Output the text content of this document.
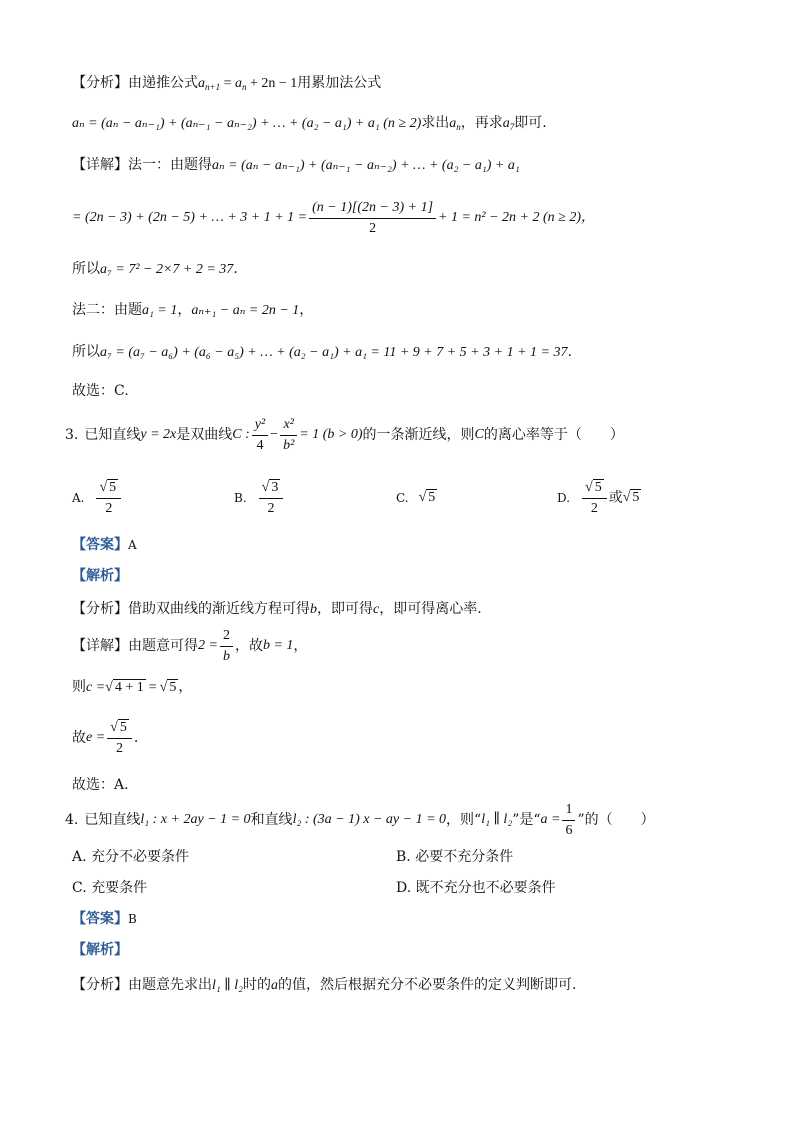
【分析】由递推公式$a_{n+1} = a_n + 2n - 1$用累加法公式
aₙ = (aₙ − aₙ₋₁) + (aₙ₋₁ − aₙ₋₂) + … + (a₂ − a₁) + a₁ (n ≥ 2)求出$a_n$，再求$a_7$即可.
【详解】法一：由题得aₙ = (aₙ − aₙ₋₁) + (aₙ₋₁ − aₙ₋₂) + … + (a₂ − a₁) + a₁
= (2n − 3) + (2n − 5) + … + $3 + 1 + 1 = \frac{(n - 1)[(2n - 3) + 1]}{2} + 1 = n^2 - 2n + 2$ (n ≥ 2)，
所以a₇ = 7² − 2×7 + 2 = 37.
法二：由题a₁ = 1，aₙ₊₁ − aₙ = 2n − 1，
所以a₇ = (a₇ − a₆) + (a₆ − a₅) + … + (a₂ − a₁) + a₁ = 11 + 9 + 7 + 5 + 3 + 1 + 1 = 37.
故选：C.
3. 已知直线 y = 2x 是双曲线 C : $\frac{\text{y²}}{4} - \frac{\text{x²}}{\text{b²}} = 1$ (b > 0) 的一条渐近线，则 C 的离心率等于（　　）
A. $\frac{√ 5}{2}$	B. $\frac{√ 3}{2}$	C. √ 5	D. $\frac{√ 5}{2}$ 或 √ 5
【答案】A
【解析】
【分析】借助双曲线的渐近线方程可得b，即可得c，即可得离心率.
【详解】 由题意可得 $2 = \frac{2}{b}$ ，故 b = 1 ，
则c =√ 4 + 1 = √ 5 ，
故 $e = \frac{√ 5}{2}$ .
故选：A.
4. 已知直线 l₁ : x + 2ay − 1 = 0 和直线 l₂ : (3a − 1) x − ay − 1 = 0 ，则“ l₁ ∥ l₂ ”是“ $a = \frac{1}{6}$ ”的（　　）
A. 充分不必要条件	B. 必要不充分条件
C. 充要条件	D. 既不充分也不必要条件
【答案】B
【解析】
【分析】由题意先求出l₁ ∥ l₂时的a的值，然后根据充分不必要条件的定义判断即可.
